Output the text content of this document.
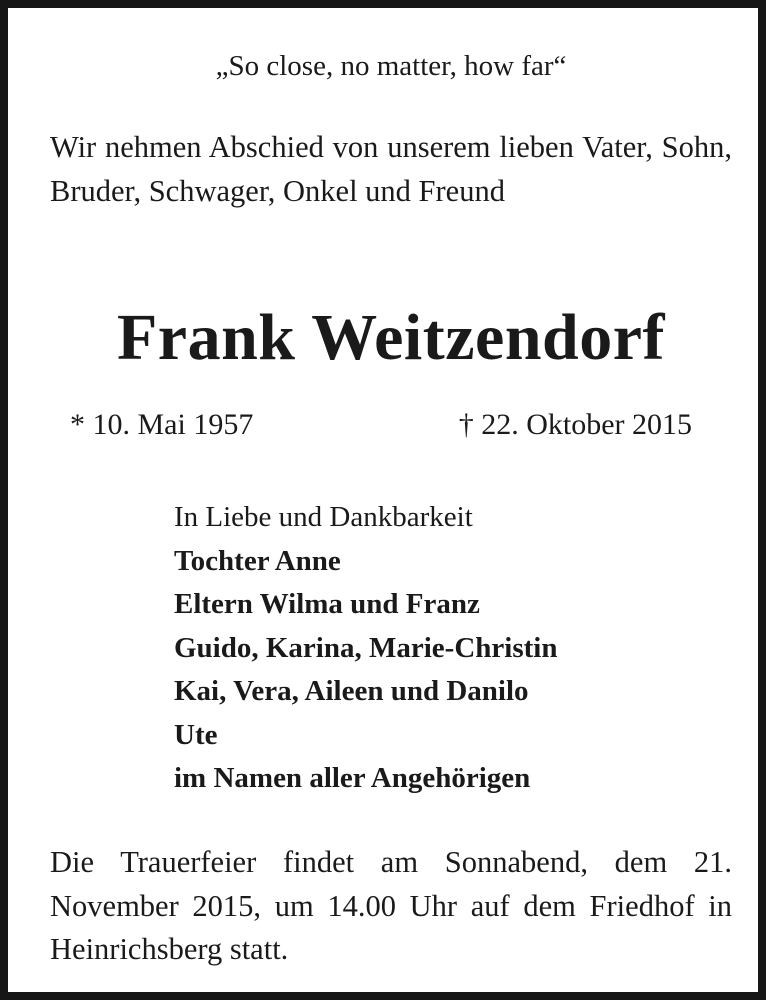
„So close, no matter, how far“
Wir nehmen Abschied von unserem lieben Vater, Sohn, Bruder, Schwager, Onkel und Freund
Frank Weitzendorf
* 10. Mai 1957	† 22. Oktober 2015
In Liebe und Dankbarkeit
Tochter Anne
Eltern Wilma und Franz
Guido, Karina, Marie-Christin
Kai, Vera, Aileen und Danilo
Ute
im Namen aller Angehörigen
Die Trauerfeier findet am Sonnabend, dem 21. November 2015, um 14.00 Uhr auf dem Friedhof in Heinrichsberg statt.
